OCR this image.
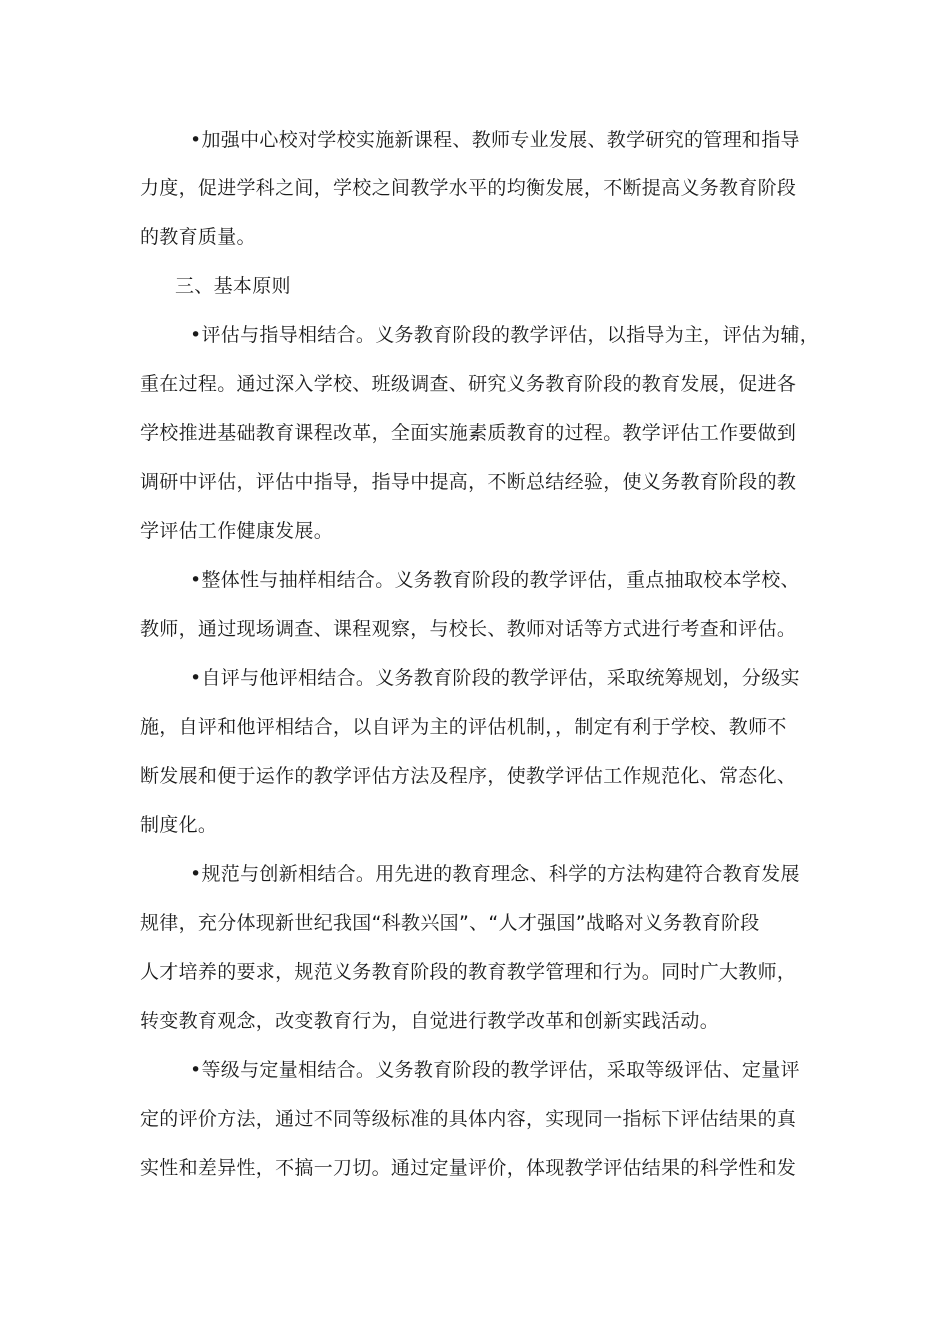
•加强中心校对学校实施新课程、教师专业发展、教学研究的管理和指导
力度，促进学科之间，学校之间教学水平的均衡发展，不断提高义务教育阶段
的教育质量。
三、基本原则
•评估与指导相结合。义务教育阶段的教学评估，以指导为主，评估为辅，
重在过程。通过深入学校、班级调查、研究义务教育阶段的教育发展，促进各
学校推进基础教育课程改革，全面实施素质教育的过程。教学评估工作要做到
调研中评估，评估中指导，指导中提高，不断总结经验，使义务教育阶段的教
学评估工作健康发展。
•整体性与抽样相结合。义务教育阶段的教学评估，重点抽取校本学校、
教师，通过现场调查、课程观察，与校长、教师对话等方式进行考查和评估。
•自评与他评相结合。义务教育阶段的教学评估，采取统筹规划，分级实
施，自评和他评相结合，以自评为主的评估机制，，制定有利于学校、教师不
断发展和便于运作的教学评估方法及程序，使教学评估工作规范化、常态化、
制度化。
•规范与创新相结合。用先进的教育理念、科学的方法构建符合教育发展
规律，充分体现新世纪我国“科教兴国”、“人才强国”战略对义务教育阶段
人才培养的要求，规范义务教育阶段的教育教学管理和行为。同时广大教师，
转变教育观念，改变教育行为，自觉进行教学改革和创新实践活动。
•等级与定量相结合。义务教育阶段的教学评估，采取等级评估、定量评
定的评价方法，通过不同等级标准的具体内容，实现同一指标下评估结果的真
实性和差异性，不搞一刀切。通过定量评价，体现教学评估结果的科学性和发
